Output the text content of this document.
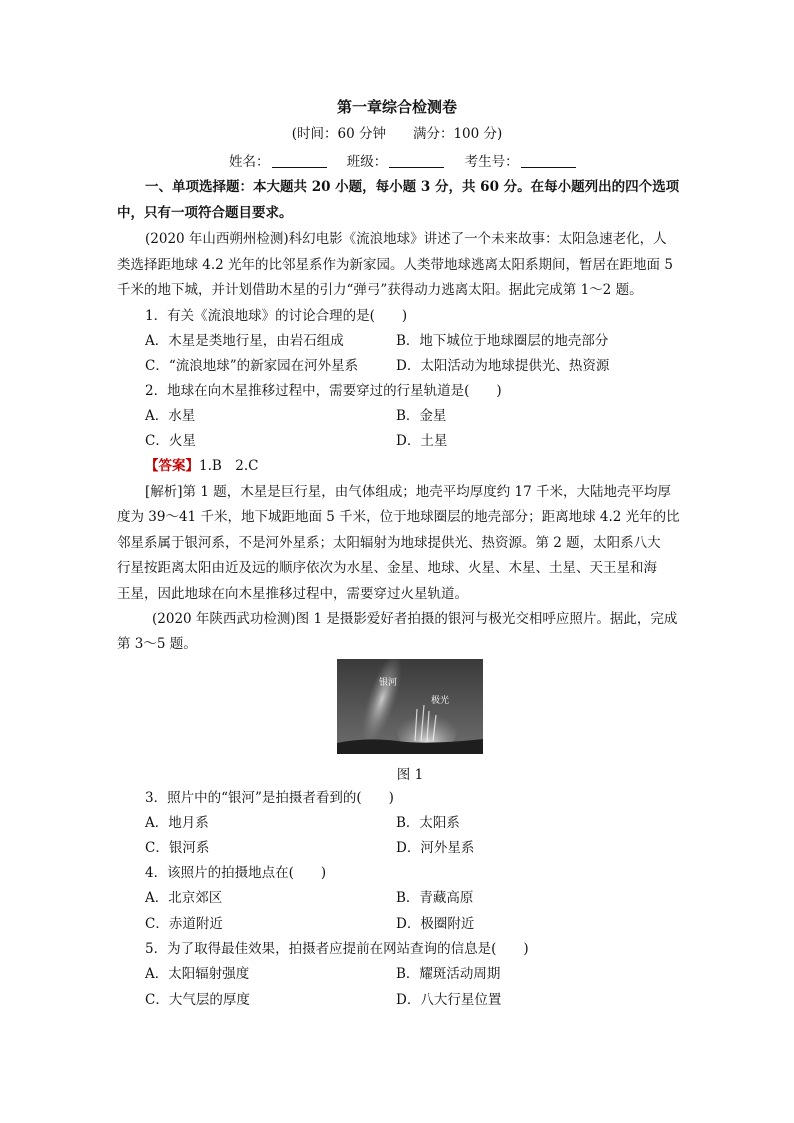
第一章综合检测卷
(时间：60 分钟　　满分：100 分)
姓名：	班级：	考生号：
一、单项选择题：本大题共 20 小题，每小题 3 分，共 60 分。在每小题列出的四个选项
中，只有一项符合题目要求。
(2020 年山西朔州检测)科幻电影《流浪地球》讲述了一个未来故事：太阳急速老化，人
类选择距地球 4.2 光年的比邻星系作为新家园。人类带地球逃离太阳系期间，暂居在距地面 5
千米的地下城，并计划借助木星的引力“弹弓”获得动力逃离太阳。据此完成第 1～2 题。
1．有关《流浪地球》的讨论合理的是(　　)
A．木星是类地行星，由岩石组成	B．地下城位于地球圈层的地壳部分
C．“流浪地球”的新家园在河外星系	D．太阳活动为地球提供光、热资源
2．地球在向木星推移过程中，需要穿过的行星轨道是(　　)
A．水星	B．金星
C．火星	D．土星
【答案】1.B　2.C
[解析]第 1 题，木星是巨行星，由气体组成；地壳平均厚度约 17 千米，大陆地壳平均厚
度为 39～41 千米，地下城距地面 5 千米，位于地球圈层的地壳部分；距离地球 4.2 光年的比
邻星系属于银河系，不是河外星系；太阳辐射为地球提供光、热资源。第 2 题，太阳系八大
行星按距离太阳由近及远的顺序依次为水星、金星、地球、火星、木星、土星、天王星和海
王星，因此地球在向木星推移过程中，需要穿过火星轨道。
(2020 年陕西武功检测)图 1 是摄影爱好者拍摄的银河与极光交相呼应照片。据此，完成
第 3～5 题。
银河
极光
图 1
3．照片中的“银河”是拍摄者看到的(　　)
A．地月系	B．太阳系
C．银河系	D．河外星系
4．该照片的拍摄地点在(　　)
A．北京郊区	B．青藏高原
C．赤道附近	D．极圈附近
5．为了取得最佳效果，拍摄者应提前在网站查询的信息是(　　)
A．太阳辐射强度	B．耀斑活动周期
C．大气层的厚度	D．八大行星位置
